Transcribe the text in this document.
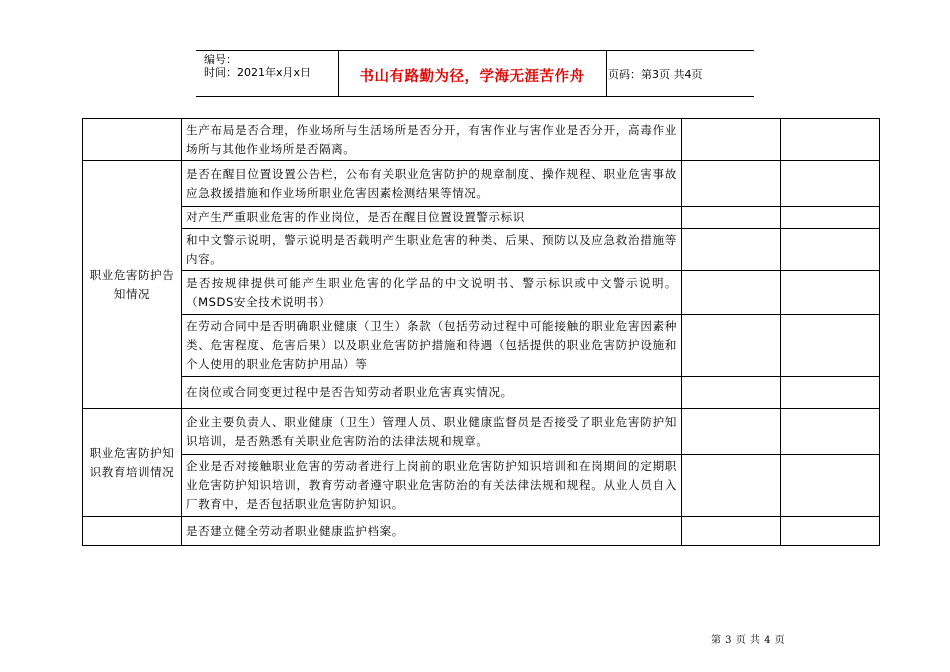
编号：
时间：2021年x月x日	书山有路勤为径，学海无涯苦作舟	页码：第3页 共4页
	生产布局是否合理，作业场所与生活场所是否分开，有害作业与害作业是否分开，高毒作业场所与其他作业场所是否隔离。		
职业危害防护告知情况	是否在醒目位置设置公告栏，公布有关职业危害防护的规章制度、操作规程、职业危害事故应急救援措施和作业场所职业危害因素检测结果等情况。		
	对产生严重职业危害的作业岗位，是否在醒目位置设置警示标识		
	和中文警示说明，警示说明是否载明产生职业危害的种类、后果、预防以及应急救治措施等内容。		
	是否按规律提供可能产生职业危害的化学品的中文说明书、警示标识或中文警示说明。（MSDS安全技术说明书）		
	在劳动合同中是否明确职业健康（卫生）条款（包括劳动过程中可能接触的职业危害因素种类、危害程度、危害后果）以及职业危害防护措施和待遇（包括提供的职业危害防护设施和个人使用的职业危害防护用品）等		
	在岗位或合同变更过程中是否告知劳动者职业危害真实情况。		
职业危害防护知识教育培训情况	企业主要负责人、职业健康（卫生）管理人员、职业健康监督员是否接受了职业危害防护知识培训，是否熟悉有关职业危害防治的法律法规和规章。		
	企业是否对接触职业危害的劳动者进行上岗前的职业危害防护知识培训和在岗期间的定期职业危害防护知识培训，教育劳动者遵守职业危害防治的有关法律法规和规程。从业人员自入厂教育中，是否包括职业危害防护知识。		
	是否建立健全劳动者职业健康监护档案。		
第 3 页 共 4 页
